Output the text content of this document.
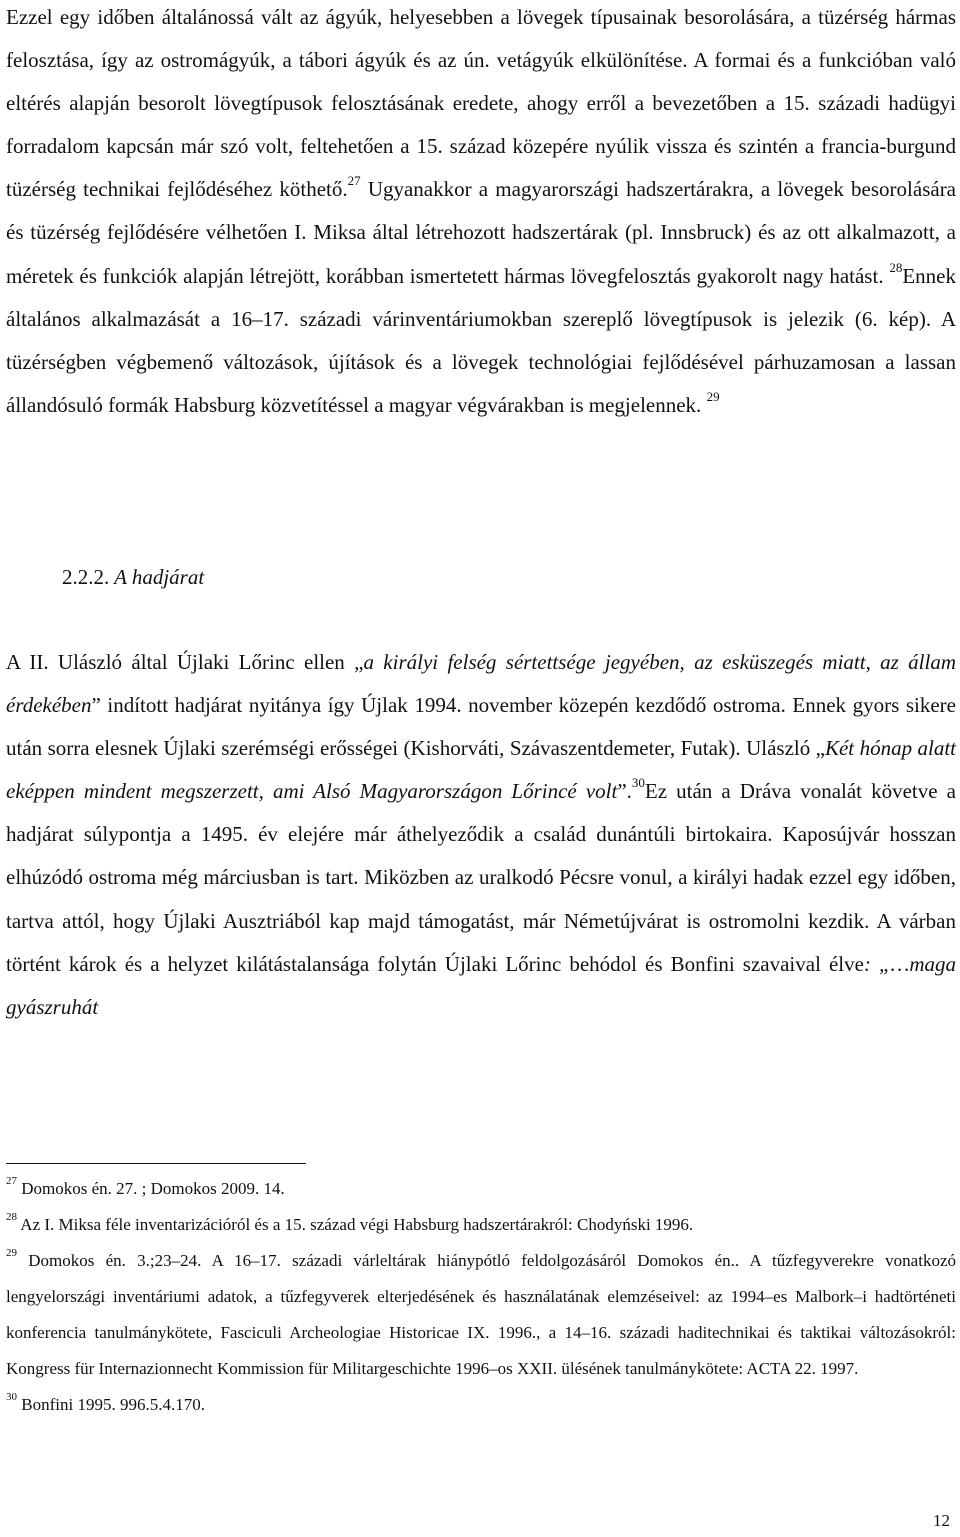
Ezzel egy időben általánossá vált az ágyúk, helyesebben a lövegek típusainak besorolására, a tüzérség hármas felosztása, így az ostromágyúk, a tábori ágyúk és az ún. vetágyúk elkülönítése. A formai és a funkcióban való eltérés alapján besorolt lövegtípusok felosztásának eredete, ahogy erről a bevezetőben a 15. századi hadügyi forradalom kapcsán már szó volt, feltehetően a 15. század közepére nyúlik vissza és szintén a francia-burgund tüzérség technikai fejlődéséhez köthető.$^{27}$ Ugyanakkor a magyarországi hadszertárakra, a lövegek besorolására és tüzérség fejlődésére vélhetően I. Miksa által létrehozott hadszertárak (pl. Innsbruck) és az ott alkalmazott, a méretek és funkciók alapján létrejött, korábban ismertetett hármas lövegfelosztás gyakorolt nagy hatást. $^{28}$Ennek általános alkalmazását a 16–17. századi várinventáriumokban szereplő lövegtípusok is jelezik (6. kép). A tüzérségben végbemenő változások, újítások és a lövegek technológiai fejlődésével párhuzamosan a lassan állandósuló formák Habsburg közvetítéssel a magyar végvárakban is megjelennek. $^{29}$

2.2.2. A hadjárat

A II. Ulászló által Újlaki Lőrinc ellen „a királyi felség sértettsége jegyében, az esküszegés miatt, az állam érdekében” indított hadjárat nyitánya így Újlak 1994. november közepén kezdődő ostroma. Ennek gyors sikere után sorra elesnek Újlaki szerémségi erősségei (Kishorváti, Szávaszentdemeter, Futak). Ulászló „Két hónap alatt eképpen mindent megszerzett, ami Alsó Magyarországon Lőrincé volt”.$^{30}$Ez után a Dráva vonalát követve a hadjárat súlypontja a 1495. év elejére már áthelyeződik a család dunántúli birtokaira. Kaposújvár hosszan elhúzódó ostroma még márciusban is tart. Miközben az uralkodó Pécsre vonul, a királyi hadak ezzel egy időben, tartva attól, hogy Újlaki Ausztriából kap majd támogatást, már Németújvárat is ostromolni kezdik. A várban történt károk és a helyzet kilátástalansága folytán Újlaki Lőrinc behódol és Bonfini szavaival élve: „…maga gyászruhát

$^{27}$ Domokos én. 27. ; Domokos 2009. 14.

$^{28}$ Az I. Miksa féle inventarizációról és a 15. század végi Habsburg hadszertárakról: Chodyński 1996.

$^{29}$ Domokos én. 3.;23–24. A 16–17. századi várleltárak hiánypótló feldolgozásáról Domokos én.. A tűzfegyverekre vonatkozó lengyelországi inventáriumi adatok, a tűzfegyverek elterjedésének és használatának elemzéseivel: az 1994–es Malbork–i hadtörténeti konferencia tanulmánykötete, Fasciculi Archeologiae Historicae IX. 1996., a 14–16. századi haditechnikai és taktikai változásokról: Kongress für Internazionnecht Kommission für Militargeschichte 1996–os XXII. ülésének tanulmánykötete: ACTA 22. 1997.

$^{30}$ Bonfini 1995. 996.5.4.170.

12
